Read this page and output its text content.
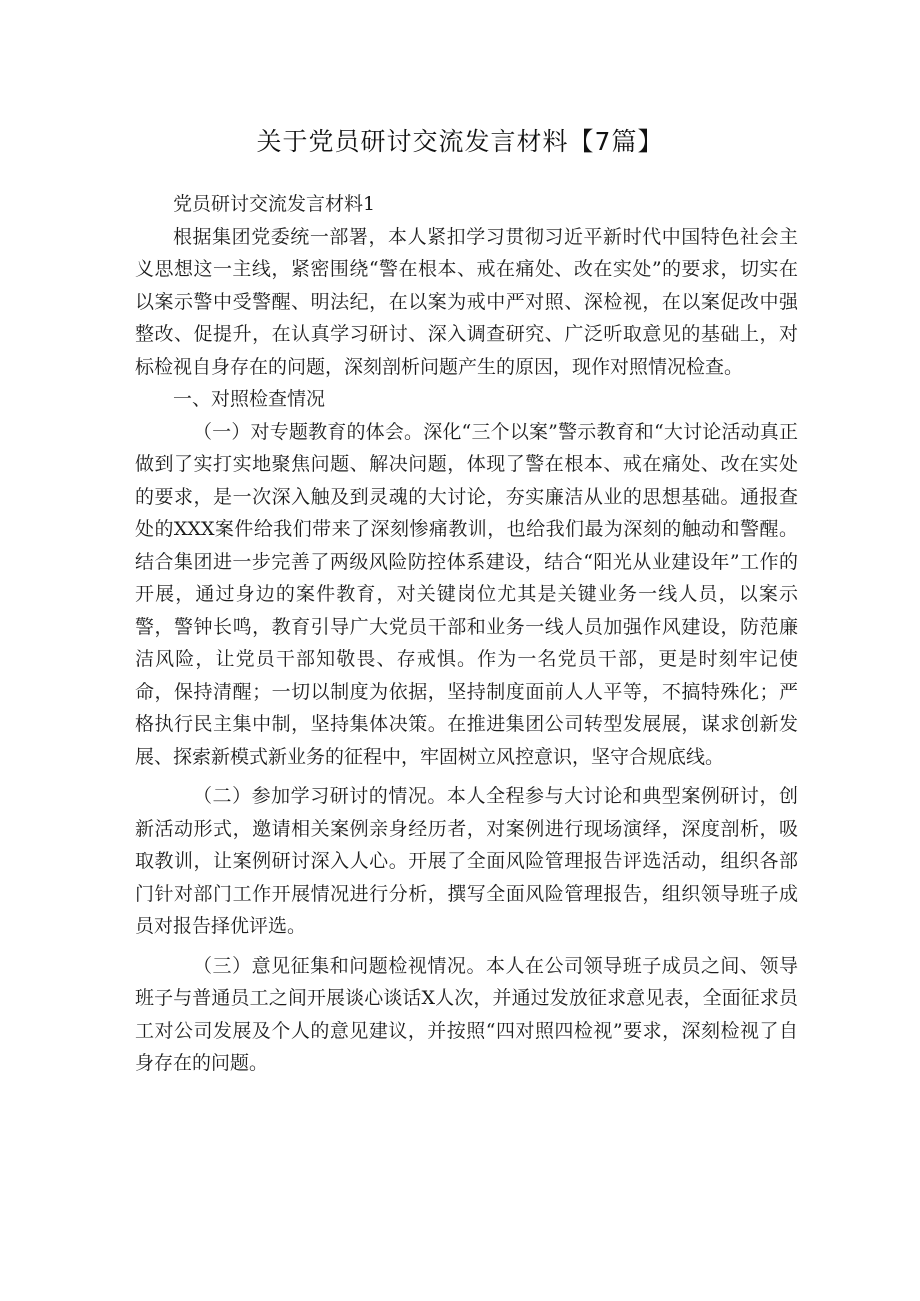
关于党员研讨交流发言材料【7篇】

党员研讨交流发言材料1

根据集团党委统一部署，本人紧扣学习贯彻习近平新时代中国特色社会主义思想这一主线，紧密围绕“警在根本、戒在痛处、改在实处”的要求，切实在以案示警中受警醒、明法纪，在以案为戒中严对照、深检视，在以案促改中强整改、促提升，在认真学习研讨、深入调查研究、广泛听取意见的基础上，对标检视自身存在的问题，深刻剖析问题产生的原因，现作对照情况检查。

一、对照检查情况

（一）对专题教育的体会。深化“三个以案”警示教育和“大讨论活动真正做到了实打实地聚焦问题、解决问题，体现了警在根本、戒在痛处、改在实处的要求，是一次深入触及到灵魂的大讨论，夯实廉洁从业的思想基础。通报查处的XXX案件给我们带来了深刻惨痛教训，也给我们最为深刻的触动和警醒。结合集团进一步完善了两级风险防控体系建设，结合“阳光从业建设年”工作的开展，通过身边的案件教育，对关键岗位尤其是关键业务一线人员，以案示警，警钟长鸣，教育引导广大党员干部和业务一线人员加强作风建设，防范廉洁风险，让党员干部知敬畏、存戒惧。作为一名党员干部，更是时刻牢记使命，保持清醒；一切以制度为依据，坚持制度面前人人平等，不搞特殊化；严格执行民主集中制，坚持集体决策。在推进集团公司转型发展展，谋求创新发展、探索新模式新业务的征程中，牢固树立风控意识，坚守合规底线。

（二）参加学习研讨的情况。本人全程参与大讨论和典型案例研讨，创新活动形式，邀请相关案例亲身经历者，对案例进行现场演绎，深度剖析，吸取教训，让案例研讨深入人心。开展了全面风险管理报告评选活动，组织各部门针对部门工作开展情况进行分析，撰写全面风险管理报告，组织领导班子成员对报告择优评选。

（三）意见征集和问题检视情况。本人在公司领导班子成员之间、领导班子与普通员工之间开展谈心谈话X人次，并通过发放征求意见表，全面征求员工对公司发展及个人的意见建议，并按照“四对照四检视”要求，深刻检视了自身存在的问题。
